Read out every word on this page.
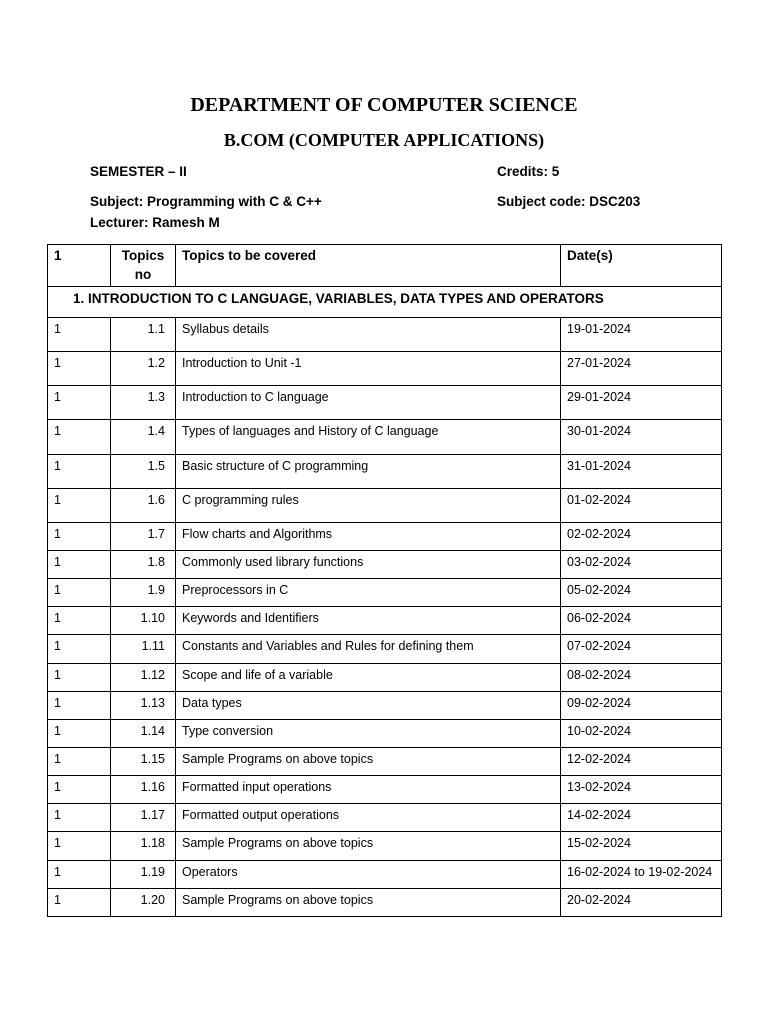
DEPARTMENT OF COMPUTER SCIENCE
B.COM (COMPUTER APPLICATIONS)
SEMESTER – II	Credits: 5
Subject: Programming with C & C++	Subject code: DSC203
Lecturer: Ramesh M
1	Topics no	Topics to be covered	Date(s)
1. INTRODUCTION TO C LANGUAGE, VARIABLES, DATA TYPES AND OPERATORS			
1	1.1	Syllabus details	19-01-2024
1	1.2	Introduction to Unit -1	27-01-2024
1	1.3	Introduction to C language	29-01-2024
1	1.4	Types of languages and History of C language	30-01-2024
1	1.5	Basic structure of C programming	31-01-2024
1	1.6	C programming rules	01-02-2024
1	1.7	Flow charts and Algorithms	02-02-2024
1	1.8	Commonly used library functions	03-02-2024
1	1.9	Preprocessors in C	05-02-2024
1	1.10	Keywords and Identifiers	06-02-2024
1	1.11	Constants and Variables and Rules for defining them	07-02-2024
1	1.12	Scope and life of a variable	08-02-2024
1	1.13	Data types	09-02-2024
1	1.14	Type conversion	10-02-2024
1	1.15	Sample Programs on above topics	12-02-2024
1	1.16	Formatted input operations	13-02-2024
1	1.17	Formatted output operations	14-02-2024
1	1.18	Sample Programs on above topics	15-02-2024
1	1.19	Operators	16-02-2024 to 19-02-2024
1	1.20	Sample Programs on above topics	20-02-2024
